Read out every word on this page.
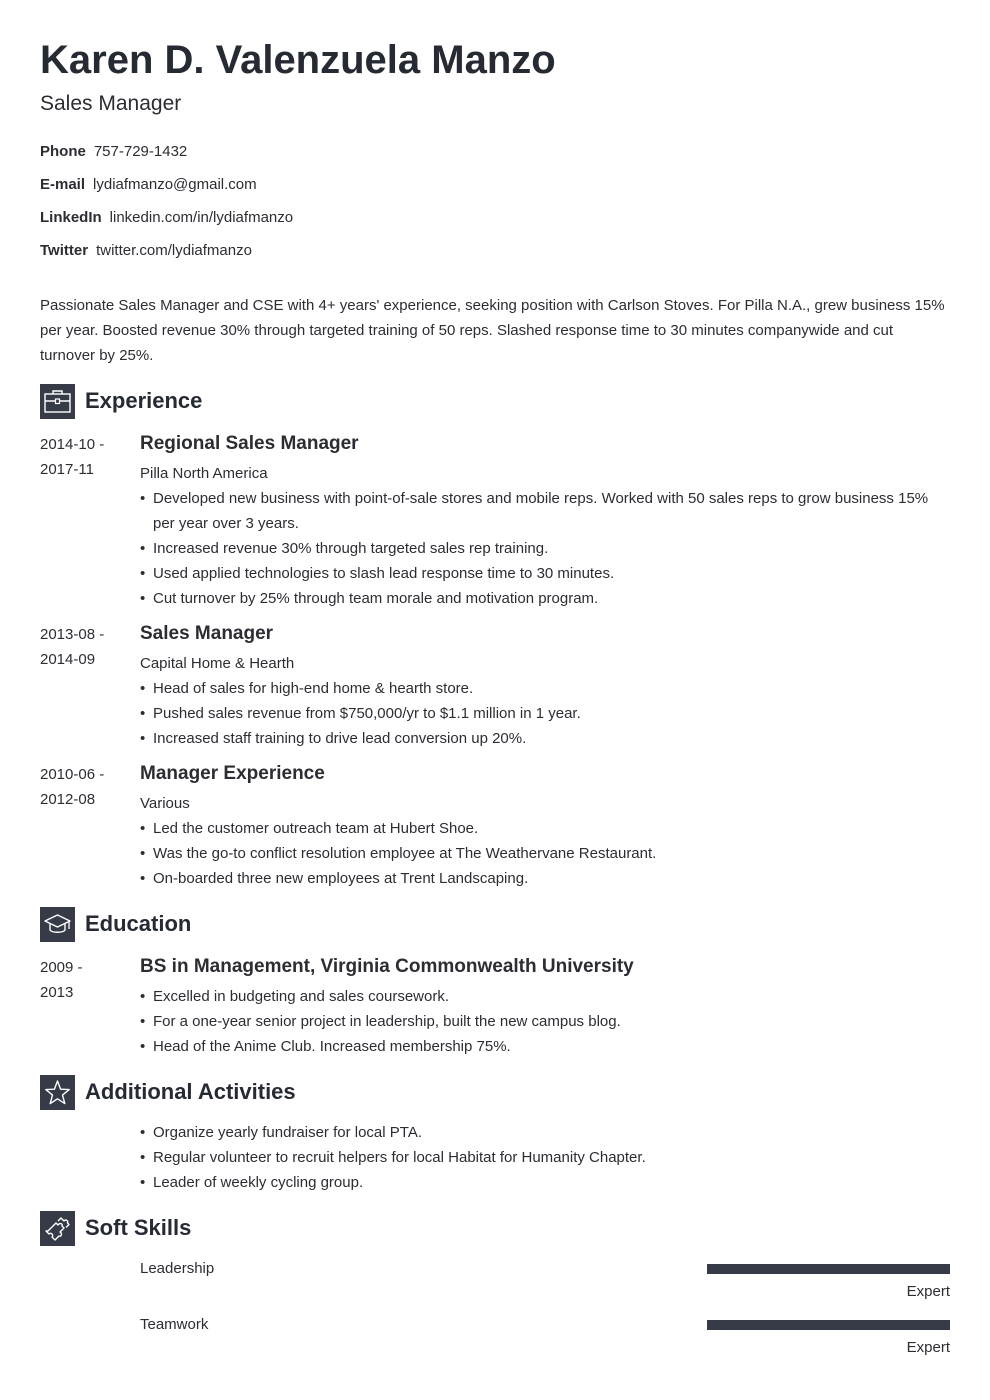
Karen D. Valenzuela Manzo

Sales Manager

Phone 757-729-1432
E-mail lydiafmanzo@gmail.com
LinkedIn linkedin.com/in/lydiafmanzo
Twitter twitter.com/lydiafmanzo

Passionate Sales Manager and CSE with 4+ years' experience, seeking position with Carlson Stoves. For Pilla N.A., grew business 15% per year. Boosted revenue 30% through targeted training of 50 reps. Slashed response time to 30 minutes companywide and cut turnover by 25%.

Experience
2014-10 -
2017-11
Regional Sales Manager
Pilla North America
• Developed new business with point-of-sale stores and mobile reps. Worked with 50 sales reps to grow business 15% per year over 3 years.
• Increased revenue 30% through targeted sales rep training.
• Used applied technologies to slash lead response time to 30 minutes.
• Cut turnover by 25% through team morale and motivation program.
2013-08 -
2014-09
Sales Manager
Capital Home & Hearth
• Head of sales for high-end home & hearth store.
• Pushed sales revenue from $750,000/yr to $1.1 million in 1 year.
• Increased staff training to drive lead conversion up 20%.
2010-06 -
2012-08
Manager Experience
Various
• Led the customer outreach team at Hubert Shoe.
• Was the go-to conflict resolution employee at The Weathervane Restaurant.
• On-boarded three new employees at Trent Landscaping.
Education
2009 -
2013
BS in Management, Virginia Commonwealth University
• Excelled in budgeting and sales coursework.
• For a one-year senior project in leadership, built the new campus blog.
• Head of the Anime Club. Increased membership 75%.
Additional Activities
• Organize yearly fundraiser for local PTA.
• Regular volunteer to recruit helpers for local Habitat for Humanity Chapter.
• Leader of weekly cycling group.
Soft Skills
Leadership
Expert
Teamwork
Expert
